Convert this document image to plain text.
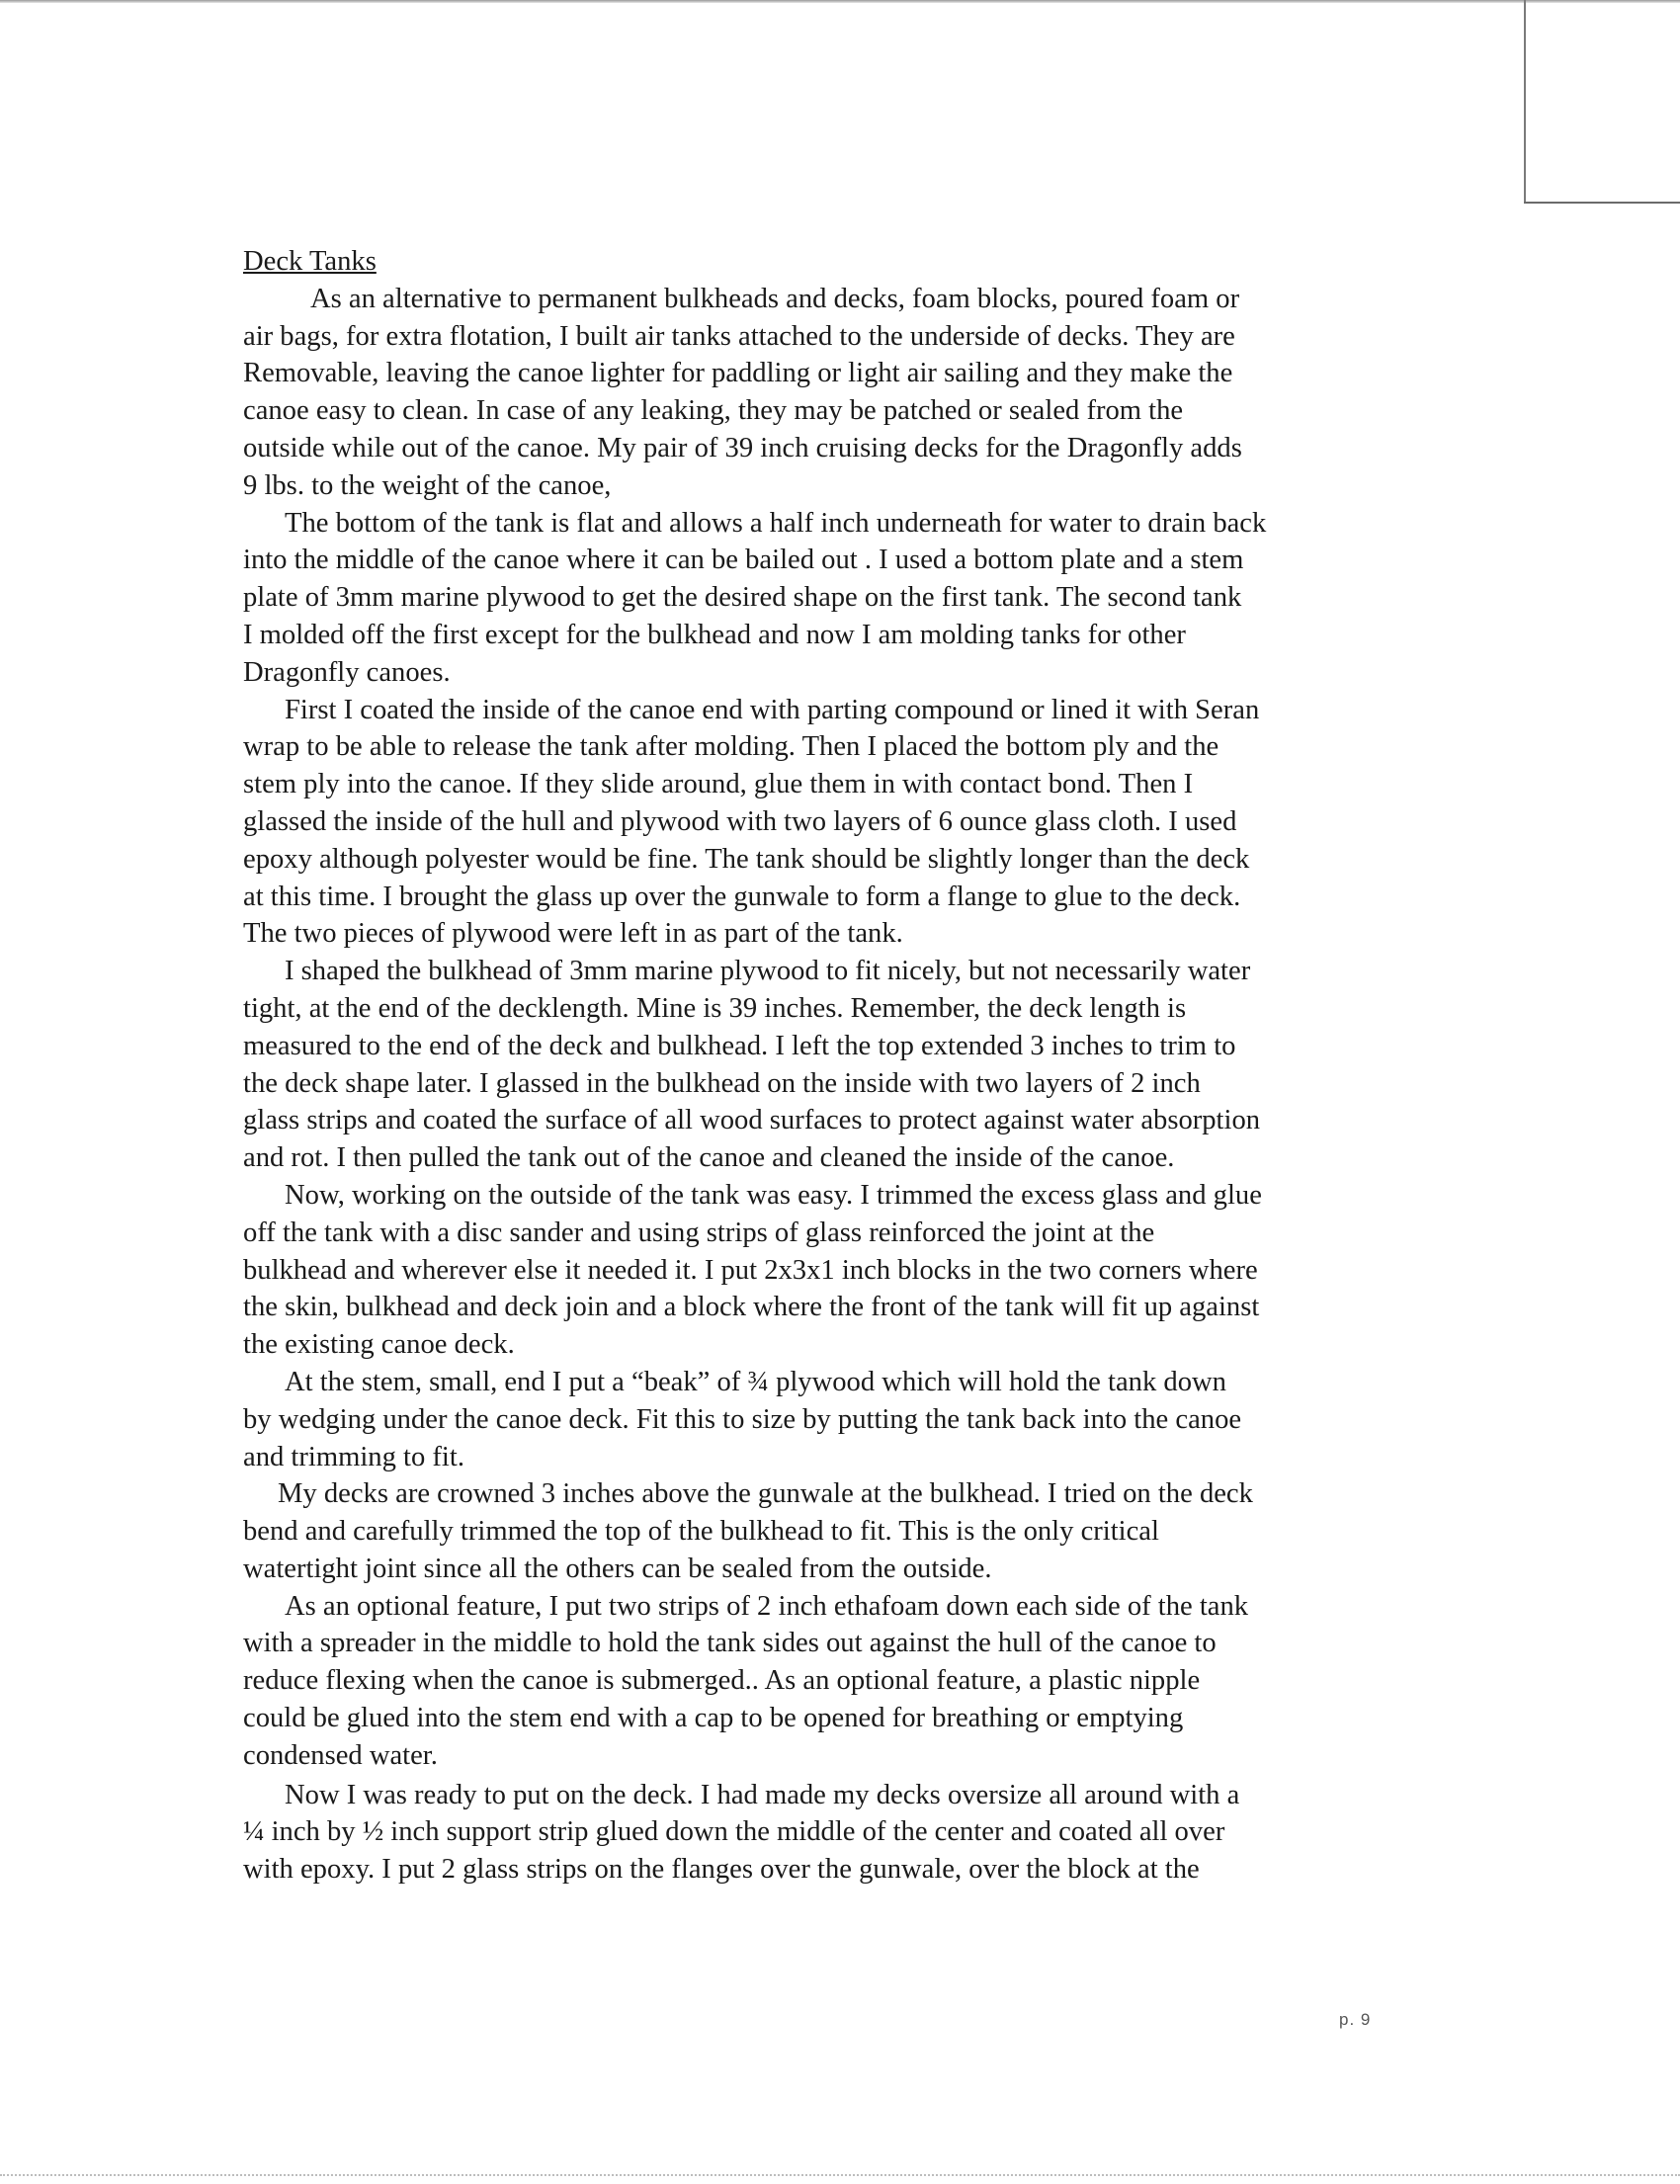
Deck Tanks
As an alternative to permanent bulkheads and decks, foam blocks, poured foam or
air bags, for extra flotation, I built air tanks attached to the underside of decks. They are
Removable, leaving the canoe lighter for paddling or light air sailing and they make the
canoe easy to clean. In case of any leaking, they may be patched or sealed from the
outside while out of the canoe. My pair of 39 inch cruising decks for the Dragonfly adds
9 lbs. to the weight of the canoe,
The bottom of the tank is flat and allows a half inch underneath for water to drain back
into the middle of the canoe where it can be bailed out . I used a bottom plate and a stem
plate of 3mm marine plywood to get the desired shape on the first tank. The second tank
I molded off the first except for the bulkhead and now I am molding tanks for other
Dragonfly canoes.
First I coated the inside of the canoe end with parting compound or lined it with Seran
wrap to be able to release the tank after molding. Then I placed the bottom ply and the
stem ply into the canoe. If they slide around, glue them in with contact bond. Then I
glassed the inside of the hull and plywood with two layers of 6 ounce glass cloth. I used
epoxy although polyester would be fine. The tank should be slightly longer than the deck
at this time. I brought the glass up over the gunwale to form a flange to glue to the deck.
The two pieces of plywood were left in as part of the tank.
I shaped the bulkhead of 3mm marine plywood to fit nicely, but not necessarily water
tight, at the end of the decklength. Mine is 39 inches. Remember, the deck length is
measured to the end of the deck and bulkhead. I left the top extended 3 inches to trim to
the deck shape later. I glassed in the bulkhead on the inside with two layers of 2 inch
glass strips and coated the surface of all wood surfaces to protect against water absorption
and rot. I then pulled the tank out of the canoe and cleaned the inside of the canoe.
Now, working on the outside of the tank was easy. I trimmed the excess glass and glue
off the tank with a disc sander and using strips of glass reinforced the joint at the
bulkhead and wherever else it needed it. I put 2x3x1 inch blocks in the two corners where
the skin, bulkhead and deck join and a block where the front of the tank will fit up against
the existing canoe deck.
At the stem, small, end I put a “beak” of ¾ plywood which will hold the tank down
by wedging under the canoe deck. Fit this to size by putting the tank back into the canoe
and trimming to fit.
My decks are crowned 3 inches above the gunwale at the bulkhead. I tried on the deck
bend and carefully trimmed the top of the bulkhead to fit. This is the only critical
watertight joint since all the others can be sealed from the outside.
As an optional feature, I put two strips of 2 inch ethafoam down each side of the tank
with a spreader in the middle to hold the tank sides out against the hull of the canoe to
reduce flexing when the canoe is submerged.. As an optional feature, a plastic nipple
could be glued into the stem end with a cap to be opened for breathing or emptying
condensed water.
Now I was ready to put on the deck. I had made my decks oversize all around with a
¼ inch by ½ inch support strip glued down the middle of the center and coated all over
with epoxy. I put 2 glass strips on the flanges over the gunwale, over the block at the
p. 9
